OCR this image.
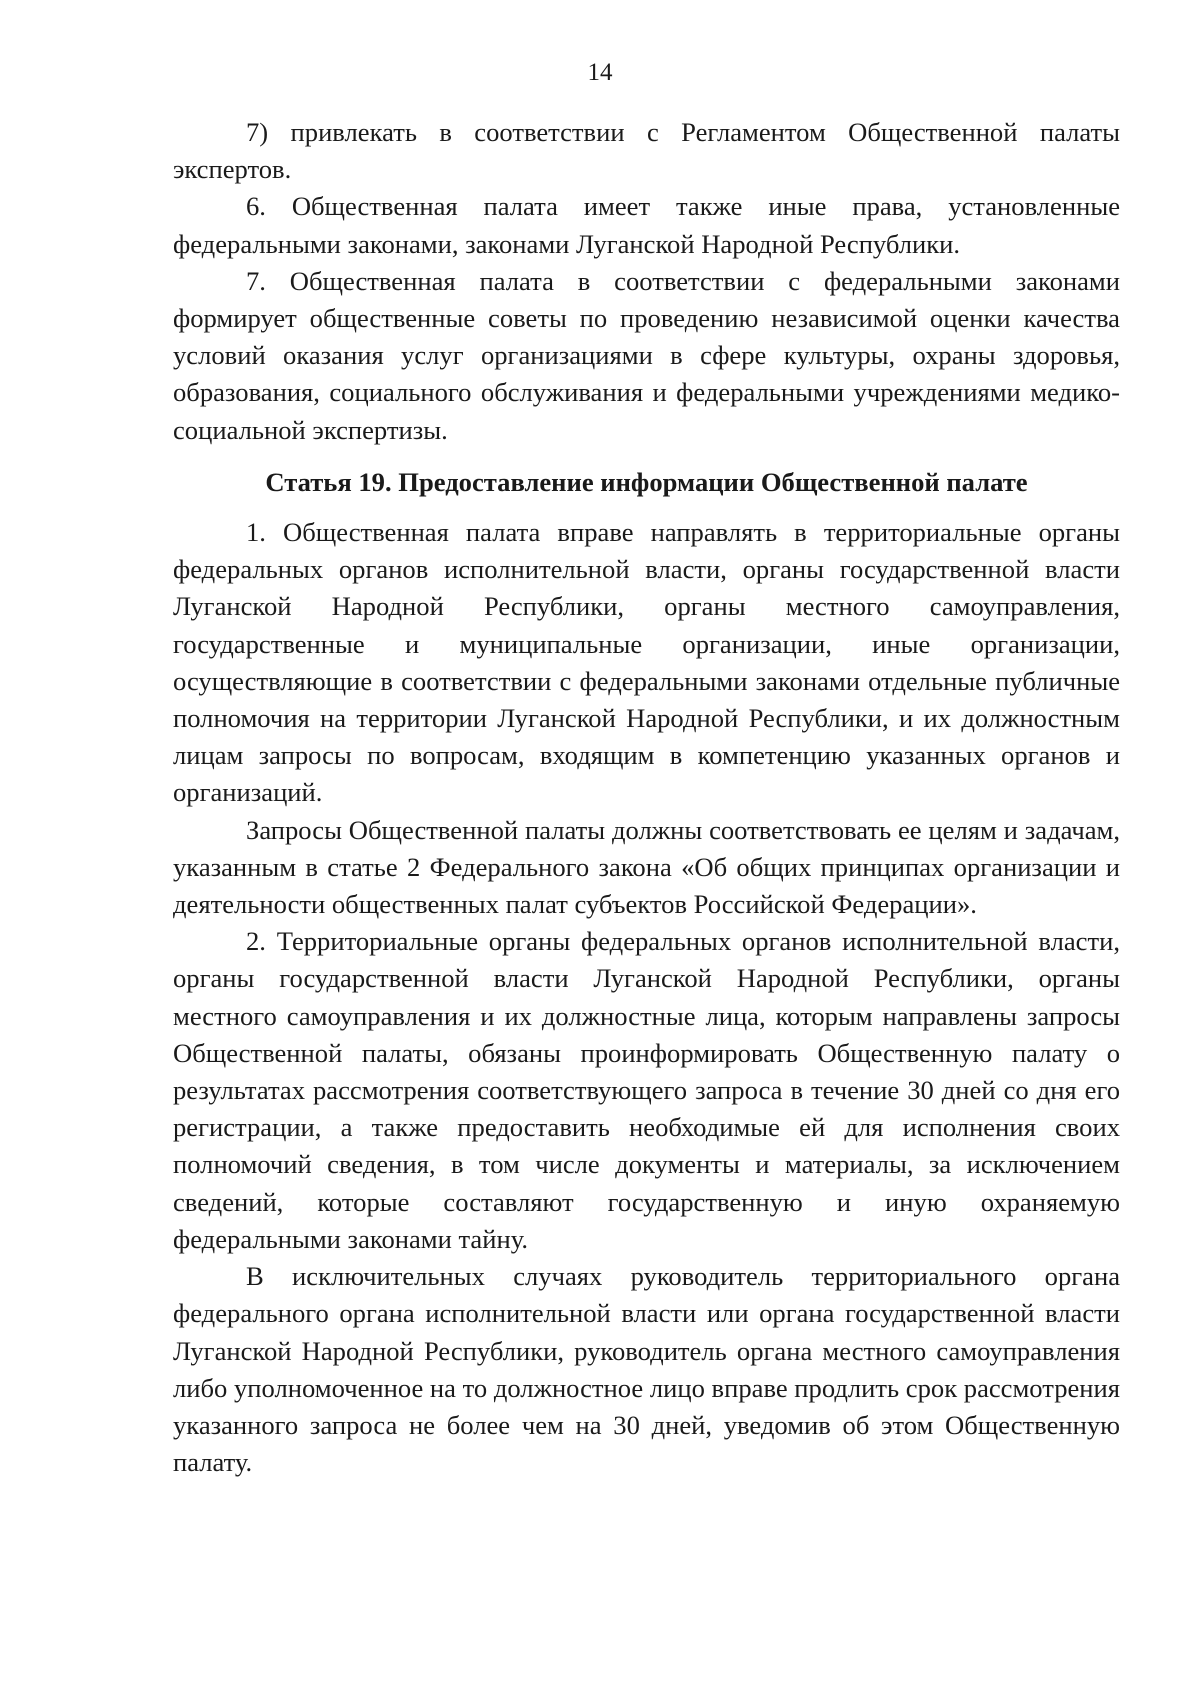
14

7) привлекать в соответствии с Регламентом Общественной палаты экспертов.

6. Общественная палата имеет также иные права, установленные федеральными законами, законами Луганской Народной Республики.

7. Общественная палата в соответствии с федеральными законами формирует общественные советы по проведению независимой оценки качества условий оказания услуг организациями в сфере культуры, охраны здоровья, образования, социального обслуживания и федеральными учреждениями медико-социальной экспертизы.

Статья 19. Предоставление информации Общественной палате

1. Общественная палата вправе направлять в территориальные органы федеральных органов исполнительной власти, органы государственной власти Луганской Народной Республики, органы местного самоуправления, государственные и муниципальные организации, иные организации, осуществляющие в соответствии с федеральными законами отдельные публичные полномочия на территории Луганской Народной Республики, и их должностным лицам запросы по вопросам, входящим в компетенцию указанных органов и организаций.

Запросы Общественной палаты должны соответствовать ее целям и задачам, указанным в статье 2 Федерального закона «Об общих принципах организации и деятельности общественных палат субъектов Российской Федерации».

2. Территориальные органы федеральных органов исполнительной власти, органы государственной власти Луганской Народной Республики, органы местного самоуправления и их должностные лица, которым направлены запросы Общественной палаты, обязаны проинформировать Общественную палату о результатах рассмотрения соответствующего запроса в течение 30 дней со дня его регистрации, а также предоставить необходимые ей для исполнения своих полномочий сведения, в том числе документы и материалы, за исключением сведений, которые составляют государственную и иную охраняемую федеральными законами тайну.

В исключительных случаях руководитель территориального органа федерального органа исполнительной власти или органа государственной власти Луганской Народной Республики, руководитель органа местного самоуправления либо уполномоченное на то должностное лицо вправе продлить срок рассмотрения указанного запроса не более чем на 30 дней, уведомив об этом Общественную палату.
